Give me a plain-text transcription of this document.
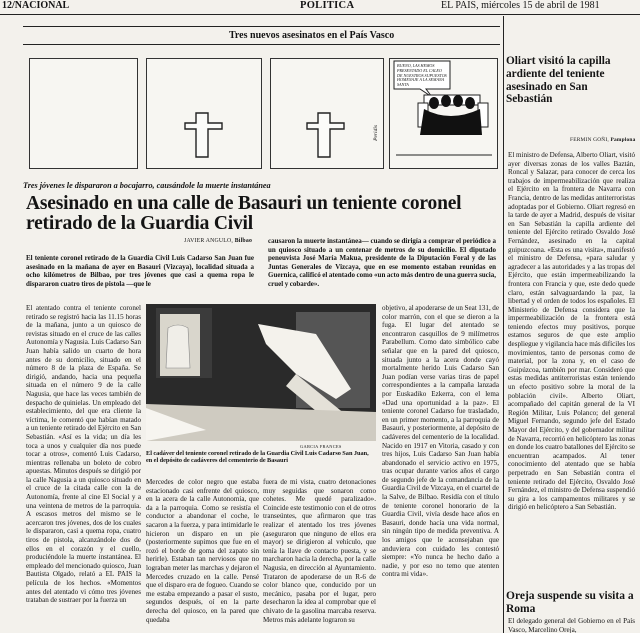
12/NACIONAL	POLITICA	EL PAIS, miércoles 15 de abril de 1981
Tres nuevos asesinatos en el País Vasco
Peridis
BUENO, LAS HEMOS PRESENTADO EL CALEO DE NUESTROS SUPUESTOS HOMENAJE A LA SEMANA SANTA
Tres jóvenes le dispararon a bocajarro, causándole la muerte instantánea
Asesinado en una calle de Basauri un teniente coronel retirado de la Guardia Civil
JAVIER ANGULO, Bilbao
El teniente coronel retirado de la Guardia Civil Luis Cadarso San Juan fue asesinado en la mañana de ayer en Basauri (Vizcaya), localidad situada a ocho kilómetros de Bilbao, por tres jóvenes que casi a quema ropa le dispararon cuatro tiros de pistola —que le
causaron la muerte instantánea— cuando se dirigía a comprar el periódico a un quiosco situado a un centenar de metros de su domicilio. El diputado peneuvista José María Makua, presidente de la Diputación Foral y de las Juntas Generales de Vizcaya, que en ese momento estaban reunidas en Guernica, calificó el atentado como «un acto más dentro de una guerra sucia, cruel y cobarde».
El atentado contra el teniente coronel retirado se registró hacia las 11.15 horas de la mañana, junto a un quiosco de revistas situado en el cruce de las calles Autonomía y Nagusia. Luis Cadarso San Juan había salido un cuarto de hora antes de su domicilio, situado en el número 8 de la plaza de España. Se dirigió, andando, hacia una pequeña situada en el número 9 de la calle Nagusia, que hace las veces también de despacho de quinielas. Un empleado del establecimiento, del que era cliente la víctima, le comentó que habían matado a un teniente retirado del Ejército en San Sebastián. «Así es la vida; un día les toca a unos y cualquier día nos puede tocar a otros», comentó Luis Cadarso, mientras rellenaba un boleto de cobro apuestas. Minutos después se dirigió por la calle Nagusia a un quiosco situado en el cruce de la citada calle con la de Autonomía, frente al cine El Social y a una veintena de metros de la parroquia. A escasos metros del mismo se le acercaron tres jóvenes, dos de los cuales le dispararon, casi a quema ropa, cuatro tiros de pistola, alcanzándole dos de ellos en el corazón y el cuello, produciéndole la muerte instantánea. El empleado del mencionado quiosco, Juan Bautista Olgado, relató a EL PAIS la película de los hechos. «Momentos antes del atentado vi cómo tres jóvenes trataban de sustraer por la fuerza un
GARCIA FRANCES
El cadáver del teniente coronel retirado de la Guardia Civil Luis Cadarso San Juan, en el depósito de cadáveres del cementerio de Basauri
Mercedes de color negro que estaba estacionado casi enfrente del quiosco, en la acera de la calle Autonomía, que da a la parroquia. Como se resistía el conductor a abandonar el coche, le sacaron a la fuerza, y para intimidarle le hicieron un disparo en un pie (posteriormente supimos que fue en el rozó el borde de goma del zapato sin herirle). Estaban tan nerviosos que no lograban meter las marchas y dejaron el Mercedes cruzado en la calle. Pensé que el disparo era de fogueo. Cuando se me estaba empezando a pasar el susto, segundos después, oí en la parte derecha del quiosco, en la pared que quedaba
fuera de mi vista, cuatro detonaciones muy seguidas que sonaron como cohetes. Me quedé paralizado». Coincide este testimonio con el de otros transeúntes, que afirmaron que tras realizar el atentado los tres jóvenes (aseguraron que ninguno de ellos era mayor) se dirigieron al vehículo, que tenía la llave de contacto puesta, y se marcharon hacia la derecha, por la calle Nagusia, en dirección al Ayuntamiento. Trataron de apoderarse de un R-6 de color blanco que, conducido por un mecánico, pasaba por el lugar, pero desecharon la idea al comprobar que el chivato de la gasolina marcaba reserva. Metros más adelante lograron su
objetivo, al apoderarse de un Seat 131, de color marrón, con el que se dieron a la fuga. El lugar del atentado se encontraron casquillos de 9 milímetros Parabellum. Como dato simbólico cabe señalar que en la pared del quiosco, situada junto a la acera donde cayó mortalmente herido Luis Cadarso San Juan podían verse varias tiras de papel correspondientes a la campaña lanzada por Euskadiko Ezkerra, con el lema «Dad una oportunidad a la paz». El teniente coronel Cadarso fue trasladado, en un primer momento, a la parroquia de Basauri, y posteriormente, al depósito de cadáveres del cementerio de la localidad. Nacido en 1917 en Vitoria, casado y con tres hijos, Luis Cadarso San Juan había abandonado el servicio activo en 1975, tras ocupar durante varios años el cargo de segundo jefe de la comandancia de la Guardia Civil de Vizcaya, en el cuartel de la Salve, de Bilbao. Residía con el título de teniente coronel honorario de la Guardia Civil, vivía desde hace años en Basauri, donde hacía una vida normal, sin ningún tipo de medida preventiva. A los amigos que le aconsejaban que anduviera con cuidado les contestó siempre: «Yo nunca he hecho daño a nadie, y por eso no temo que atenten contra mi vida».
Oliart visitó la capilla ardiente del teniente asesinado en San Sebastián
FERMIN GOÑI, Pamplona
El ministro de Defensa, Alberto Oliart, visitó ayer diversas zonas de los valles Baztán, Roncal y Salazar, para conocer de cerca los trabajos de impermeabilización que realiza el Ejército en la frontera de Navarra con Francia, dentro de las medidas antiterroristas adoptadas por el Gobierno. Oliart regresó en la tarde de ayer a Madrid, después de visitar en San Sebastián la capilla ardiente del teniente del Ejército retirado Osvaldo José Fernández, asesinado en la capital guipuzcoana. «Esta es una visita», manifestó el ministro de Defensa, «para saludar y agradecer a las autoridades y a las tropas del Ejército, que están impermeabilizando la frontera con Francia y que, este dedo quede claro, están salvaguardando la paz, la libertad y el orden de todos los españoles. El Ministerio de Defensa considera que la impermeabilización de la frontera está teniendo efectos muy positivos, porque estamos seguros de que este amplio despliegue y vigilancia hace más difíciles los movimientos, tanto de personas como de material, por la zona y, en el caso de Guipúzcoa, también por mar. Consideró que estas medidas antiterroristas están teniendo un efecto positivo sobre la moral de la población civil». Alberto Oliart, acompañado del capitán general de la VI Región Militar, Luis Polanco; del general Miguel Fernando, segundo jefe del Estado Mayor del Ejército, y del gobernador militar de Navarra, recorrió en helicóptero las zonas en donde los cuatro batallones del Ejército se encuentran acampados. Al tener conocimiento del atentado que se había perpetrado en San Sebastián contra el teniente retirado del Ejército, Osvaldo José Fernández, el ministro de Defensa suspendió su gira a los campamentos militares y se dirigió en helicóptero a San Sebastián.
Oreja suspende su visita a Roma
El delegado general del Gobierno en el País Vasco, Marcelino Oreja,
